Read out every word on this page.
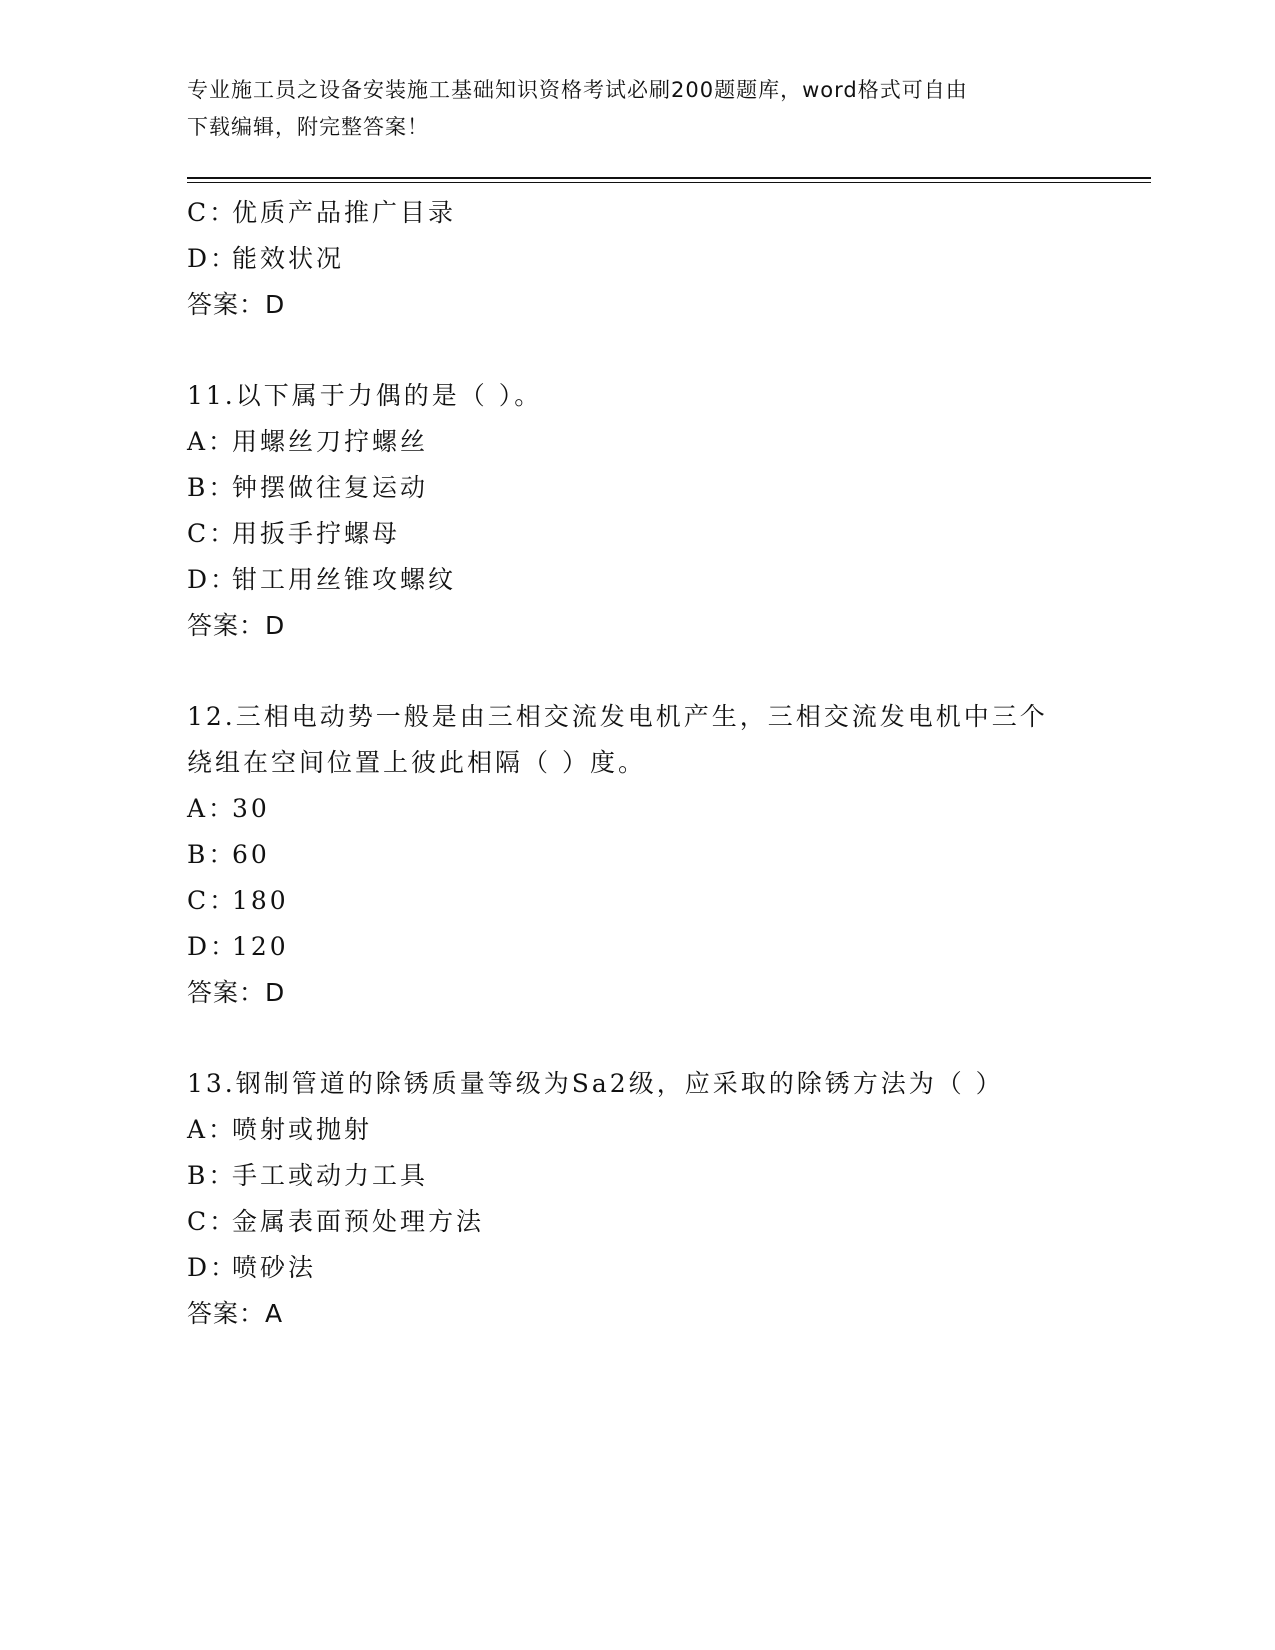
专业施工员之设备安装施工基础知识资格考试必刷200题题库，word格式可自由
下载编辑，附完整答案！
C：优质产品推广目录
D：能效状况
答案：D
11.以下属于力偶的是（ ）。
A：用螺丝刀拧螺丝
B：钟摆做往复运动
C：用扳手拧螺母
D：钳工用丝锥攻螺纹
答案：D
12.三相电动势一般是由三相交流发电机产生，三相交流发电机中三个
绕组在空间位置上彼此相隔（ ）度。
A：30
B：60
C：180
D：120
答案：D
13.钢制管道的除锈质量等级为Sa2级，应采取的除锈方法为（ ）
A：喷射或抛射
B：手工或动力工具
C：金属表面预处理方法
D：喷砂法
答案：A
